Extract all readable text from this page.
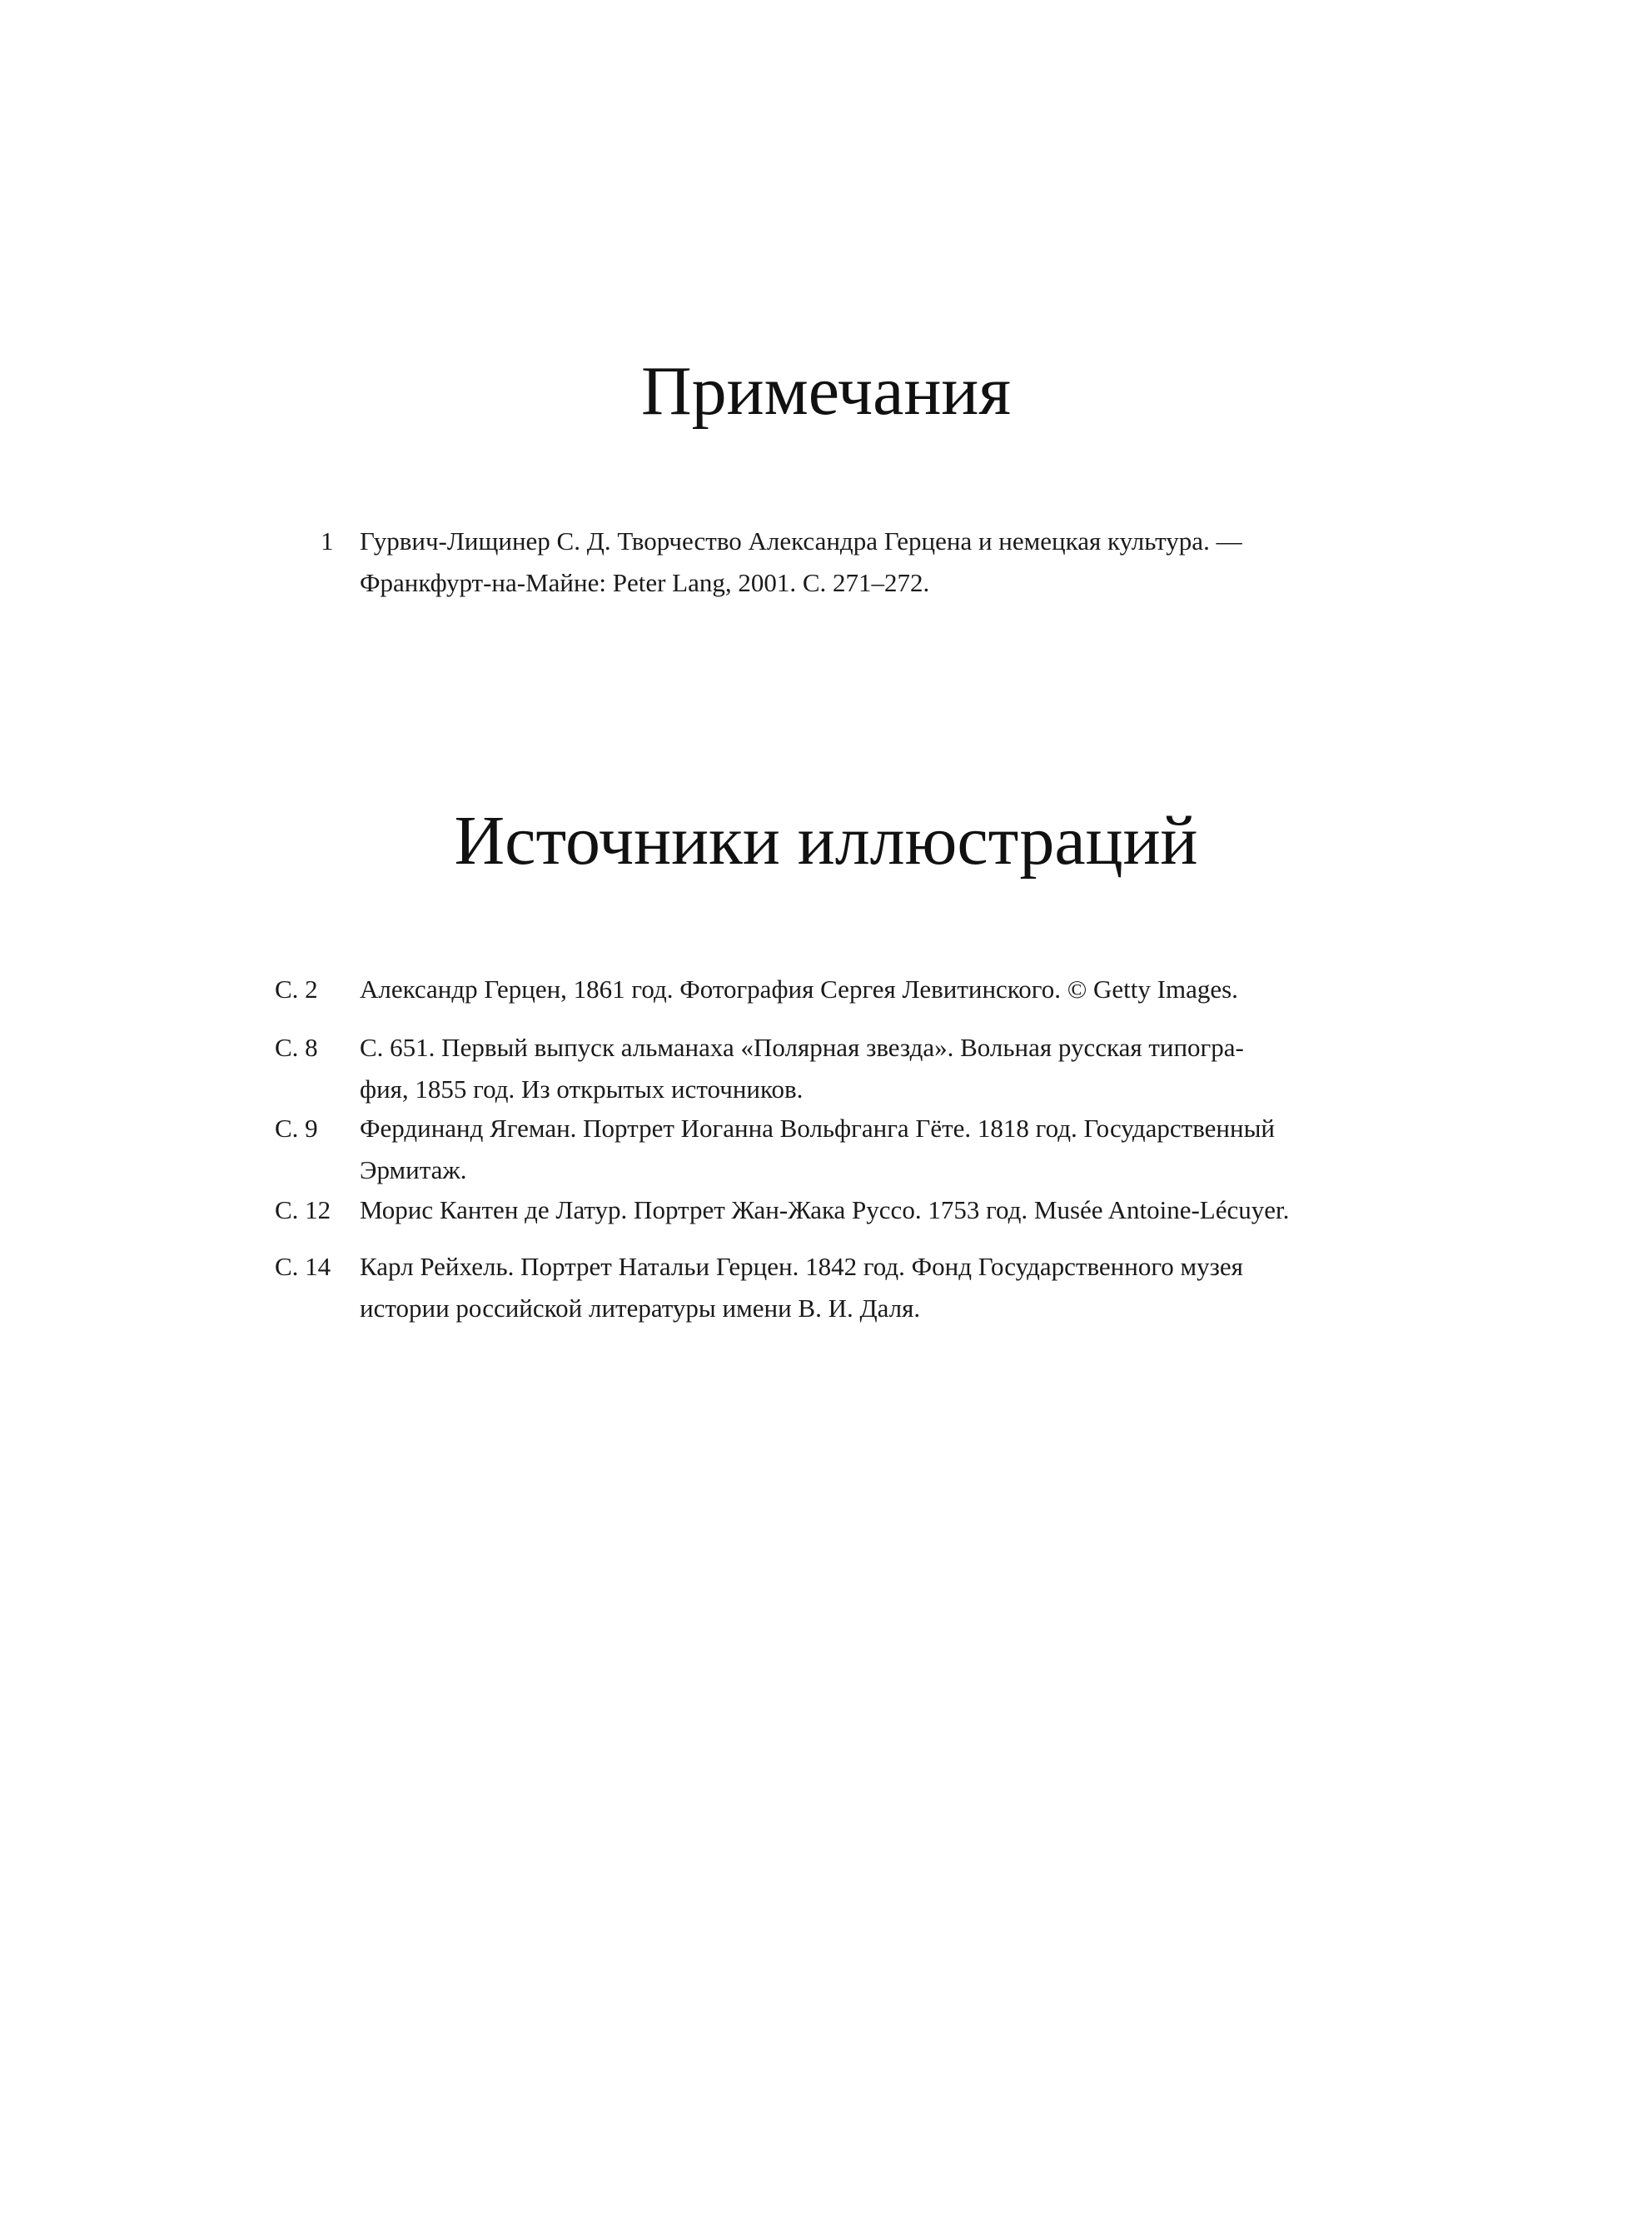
Примечания
1 Гурвич-Лищинер С. Д. Творчество Александра Герцена и немецкая культура. —
Франкфурт-на-Майне: Peter Lang, 2001. С. 271–272.
Источники иллюстраций
С. 2 Александр Герцен, 1861 год. Фотография Сергея Левитинского. © Getty Images.
С. 8 С. 651. Первый выпуск альманаха «Полярная звезда». Вольная русская типогра-
фия, 1855 год. Из открытых источников.
С. 9 Фердинанд Ягеман. Портрет Иоганна Вольфганга Гёте. 1818 год. Государственный
Эрмитаж.
С. 12 Морис Кантен де Латур. Портрет Жан-Жака Руссо. 1753 год. Musée Antoine-Lécuyer.
С. 14 Карл Рейхель. Портрет Натальи Герцен. 1842 год. Фонд Государственного музея
истории российской литературы имени В. И. Даля.
